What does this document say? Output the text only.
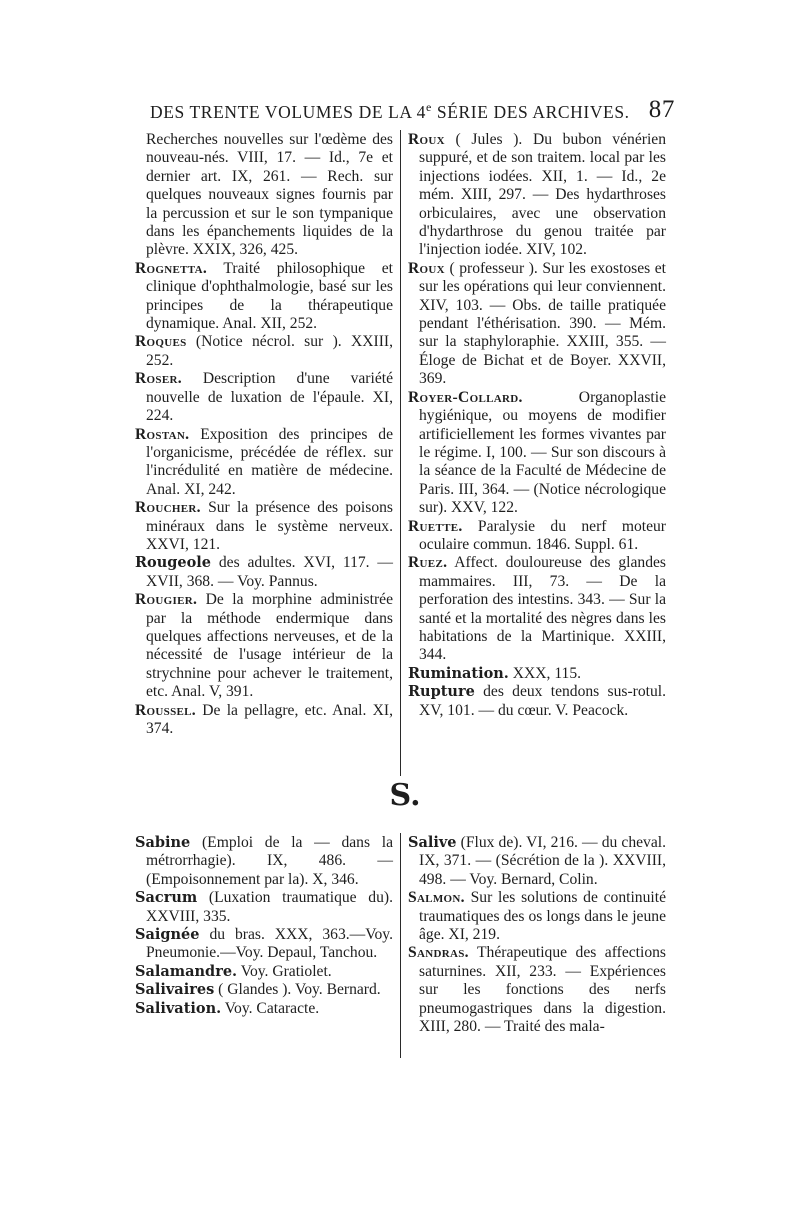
DES TRENTE VOLUMES DE LA 4e SÉRIE DES ARCHIVES. 87
Recherches nouvelles sur l'œdème des nouveau-nés. VIII, 17. — Id., 7e et dernier art. IX, 261. — Rech. sur quelques nouveaux signes fournis par la percussion et sur le son tympanique dans les épanchements liquides de la plèvre. XXIX, 326, 425.
Rognetta. Traité philosophique et clinique d'ophthalmologie, basé sur les principes de la thérapeutique dynamique. Anal. XII, 252.
Roques (Notice nécrol. sur ). XXIII, 252.
Roser. Description d'une variété nouvelle de luxation de l'épaule. XI, 224.
Rostan. Exposition des principes de l'organicisme, précédée de réflex. sur l'incrédulité en matière de médecine. Anal. XI, 242.
Roucher. Sur la présence des poisons minéraux dans le système nerveux. XXVI, 121.
Rougeole des adultes. XVI, 117. — XVII, 368. — Voy. Pannus.
Rougier. De la morphine administrée par la méthode endermique dans quelques affections nerveuses, et de la nécessité de l'usage intérieur de la strychnine pour achever le traitement, etc. Anal. V, 391.
Roussel. De la pellagre, etc. Anal. XI, 374.
Roux ( Jules ). Du bubon vénérien suppuré, et de son traitem. local par les injections iodées. XII, 1. — Id., 2e mém. XIII, 297. — Des hydarthroses orbiculaires, avec une observation d'hydarthrose du genou traitée par l'injection iodée. XIV, 102.
Roux ( professeur ). Sur les exostoses et sur les opérations qui leur conviennent. XIV, 103. — Obs. de taille pratiquée pendant l'éthérisation. 390. — Mém. sur la staphyloraphie. XXIII, 355. — Éloge de Bichat et de Boyer. XXVII, 369.
Royer-Collard. Organoplastie hygiénique, ou moyens de modifier artificiellement les formes vivantes par le régime. I, 100. — Sur son discours à la séance de la Faculté de Médecine de Paris. III, 364. — (Notice nécrologique sur). XXV, 122.
Ruette. Paralysie du nerf moteur oculaire commun. 1846. Suppl. 61.
Ruez. Affect. douloureuse des glandes mammaires. III, 73. — De la perforation des intestins. 343. — Sur la santé et la mortalité des nègres dans les habitations de la Martinique. XXIII, 344.
Rumination. XXX, 115.
Rupture des deux tendons sus-rotul. XV, 101. — du cœur. V. Peacock.
S.
Sabine (Emploi de la — dans la métrorrhagie). IX, 486. — (Empoisonnement par la). X, 346.
Sacrum (Luxation traumatique du). XXVIII, 335.
Saignée du bras. XXX, 363.—Voy. Pneumonie.—Voy. Depaul, Tanchou.
Salamandre. Voy. Gratiolet.
Salivaires ( Glandes ). Voy. Bernard.
Salivation. Voy. Cataracte.
Salive (Flux de). VI, 216. — du cheval. IX, 371. — (Sécrétion de la ). XXVIII, 498. — Voy. Bernard, Colin.
Salmon. Sur les solutions de continuité traumatiques des os longs dans le jeune âge. XI, 219.
Sandras. Thérapeutique des affections saturnines. XII, 233. — Expériences sur les fonctions des nerfs pneumogastriques dans la digestion. XIII, 280. — Traité des mala-
